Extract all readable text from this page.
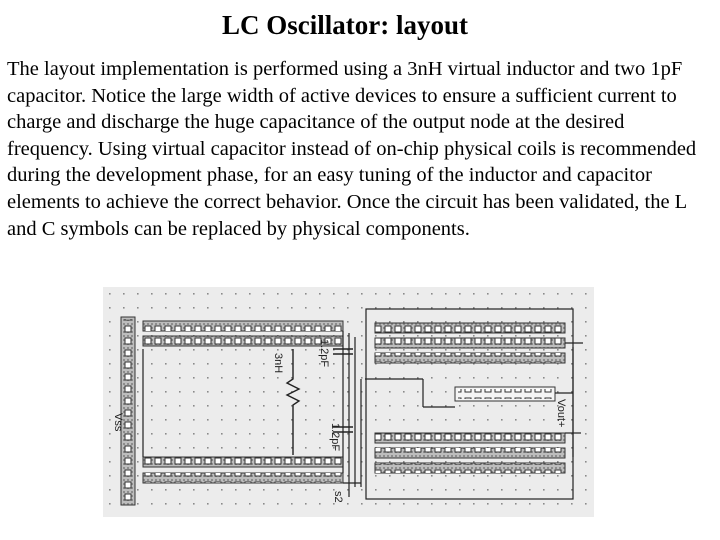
LC Oscillator: layout

The layout implementation is performed using a 3nH virtual inductor and two 1pF capacitor. Notice the large width of active devices to ensure a sufficient current to charge and discharge the huge capacitance of the output node at the desired frequency. Using virtual capacitor instead of on-chip physical coils is recommended during the development phase, for an easy tuning of the inductor and capacitor elements to achieve the correct behavior. Once the circuit has been validated, the L and C symbols can be replaced by physical components.

3nH	1.2pF
1.2pF
Vss	Vout+
s2
